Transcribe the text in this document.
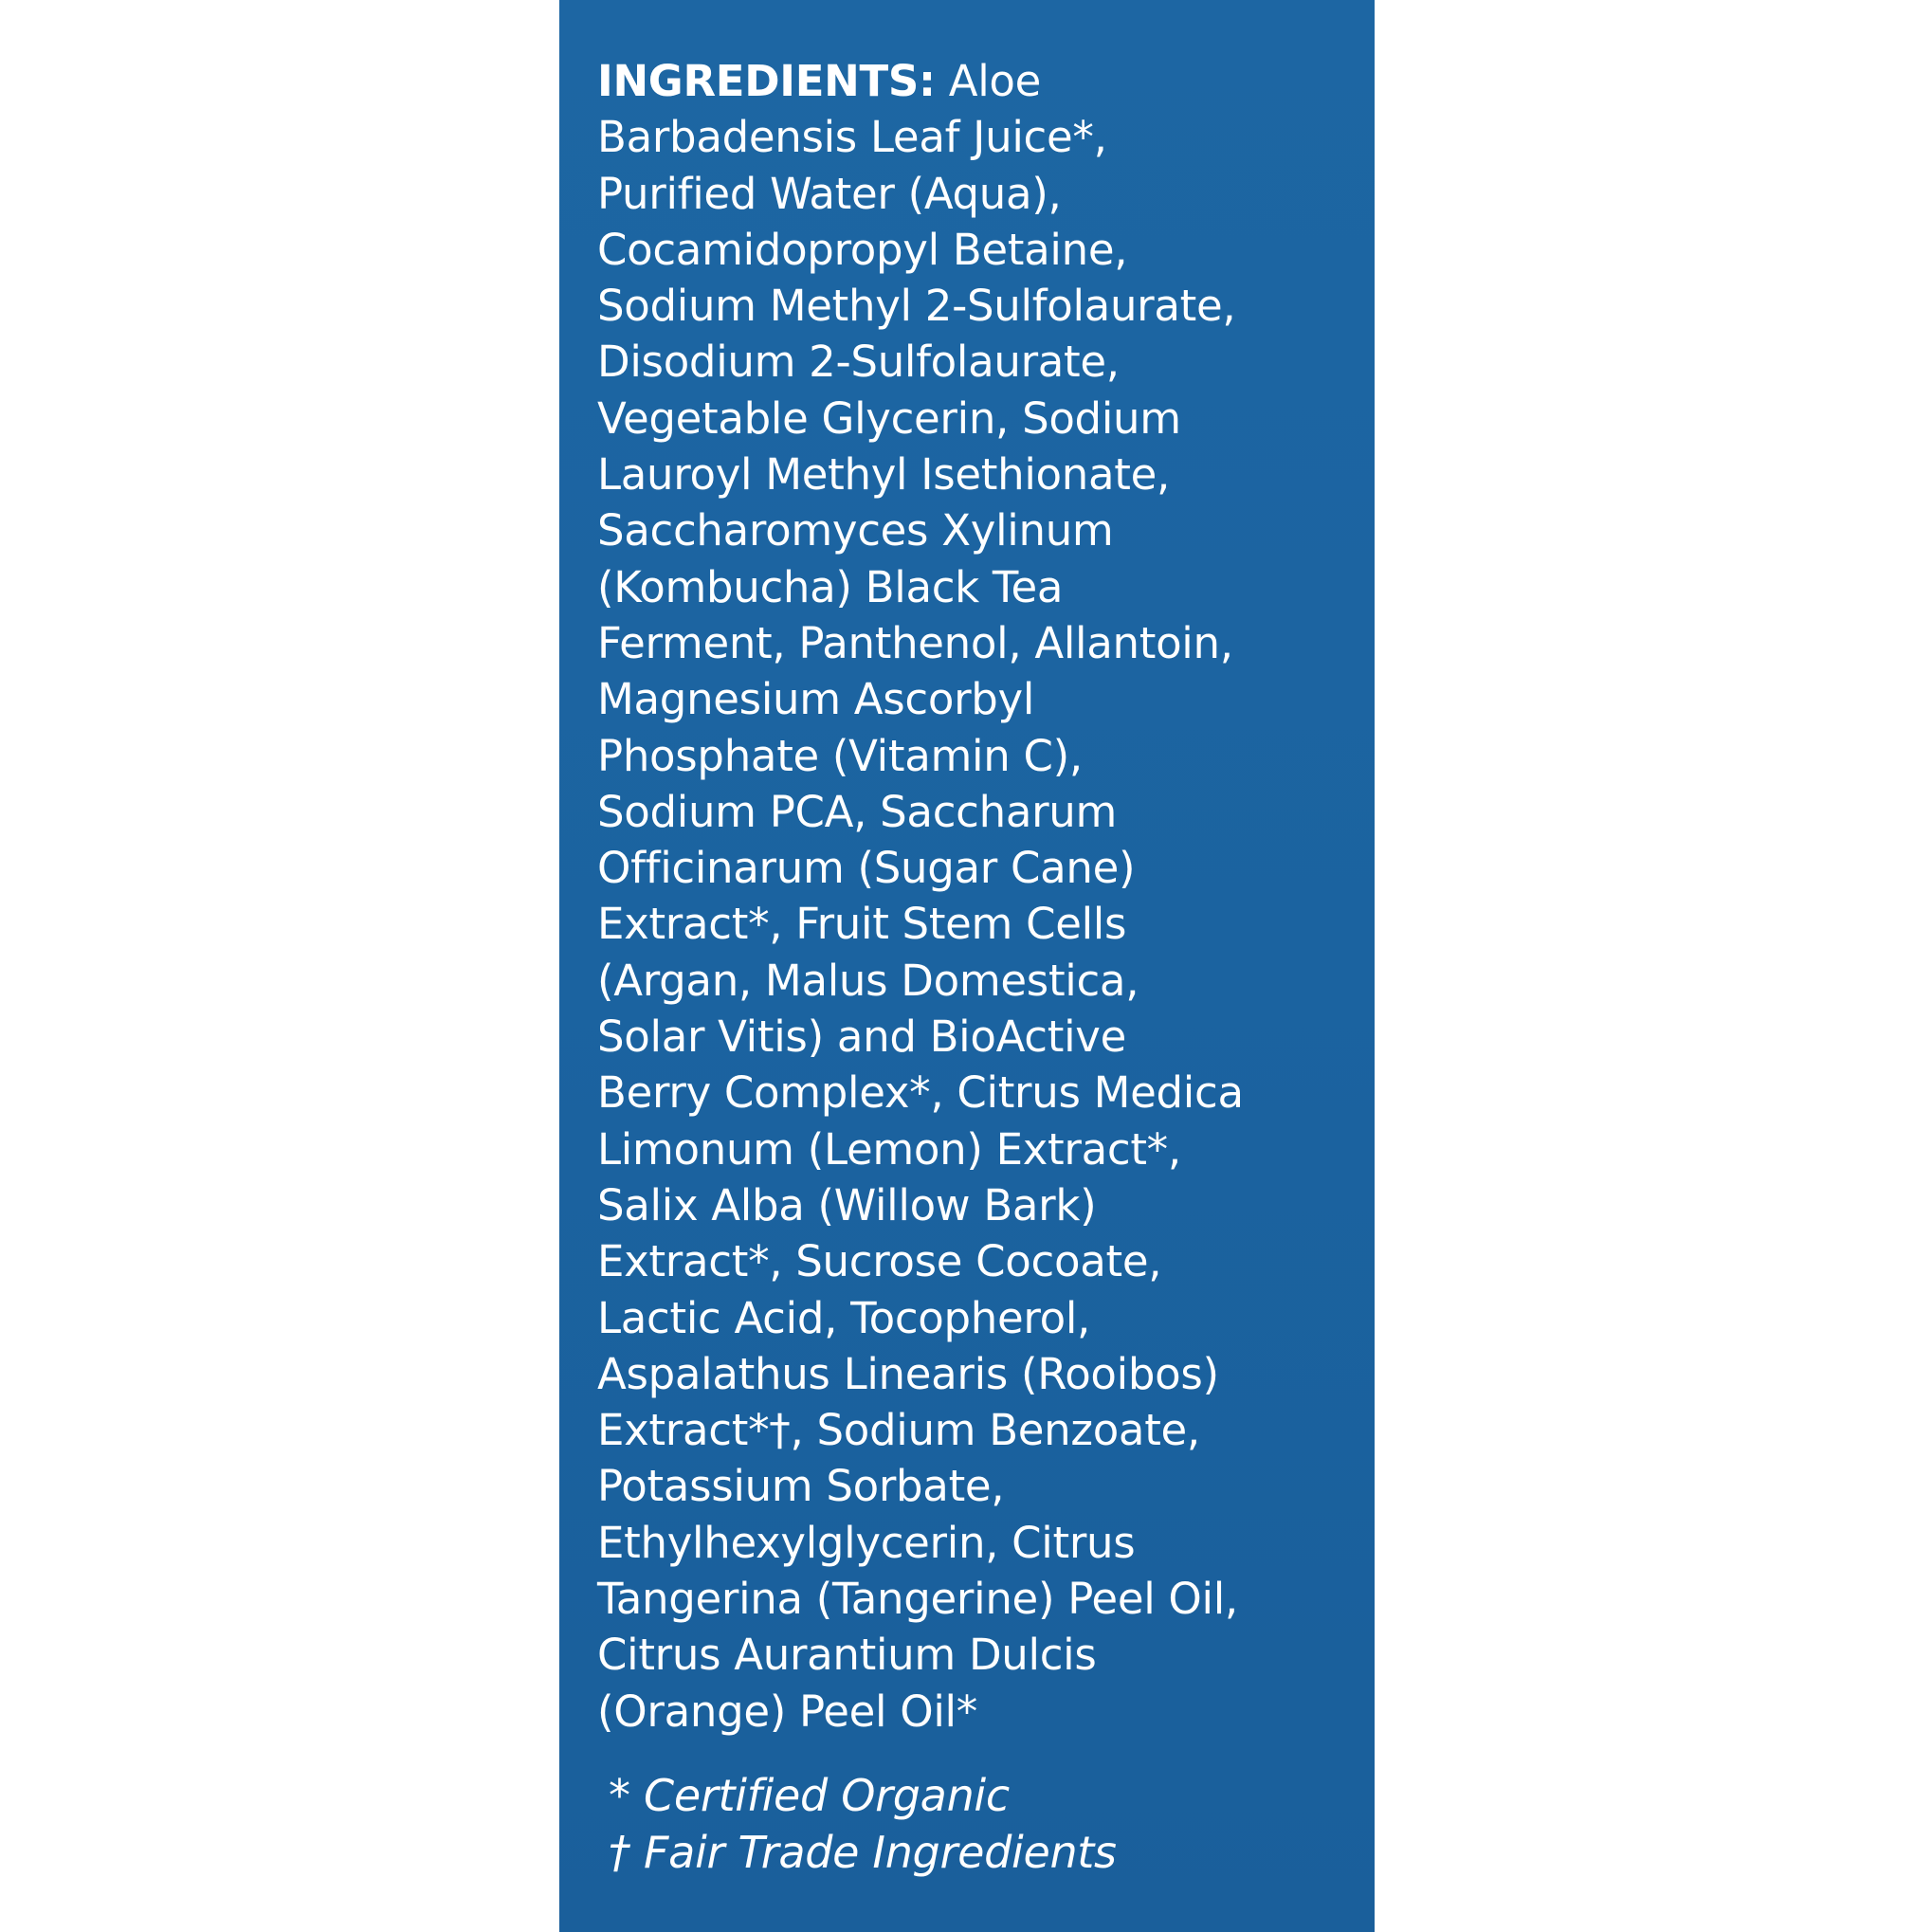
INGREDIENTS: Aloe
Barbadensis Leaf Juice*,
Purified Water (Aqua),
Cocamidopropyl Betaine,
Sodium Methyl 2-Sulfolaurate,
Disodium 2-Sulfolaurate,
Vegetable Glycerin, Sodium
Lauroyl Methyl Isethionate,
Saccharomyces Xylinum
(Kombucha) Black Tea
Ferment, Panthenol, Allantoin,
Magnesium Ascorbyl
Phosphate (Vitamin C),
Sodium PCA, Saccharum
Officinarum (Sugar Cane)
Extract*, Fruit Stem Cells
(Argan, Malus Domestica,
Solar Vitis) and BioActive
Berry Complex*, Citrus Medica
Limonum (Lemon) Extract*,
Salix Alba (Willow Bark)
Extract*, Sucrose Cocoate,
Lactic Acid, Tocopherol,
Aspalathus Linearis (Rooibos)
Extract*†, Sodium Benzoate,
Potassium Sorbate,
Ethylhexylglycerin, Citrus
Tangerina (Tangerine) Peel Oil,
Citrus Aurantium Dulcis
(Orange) Peel Oil*
* Certified Organic
† Fair Trade Ingredients
